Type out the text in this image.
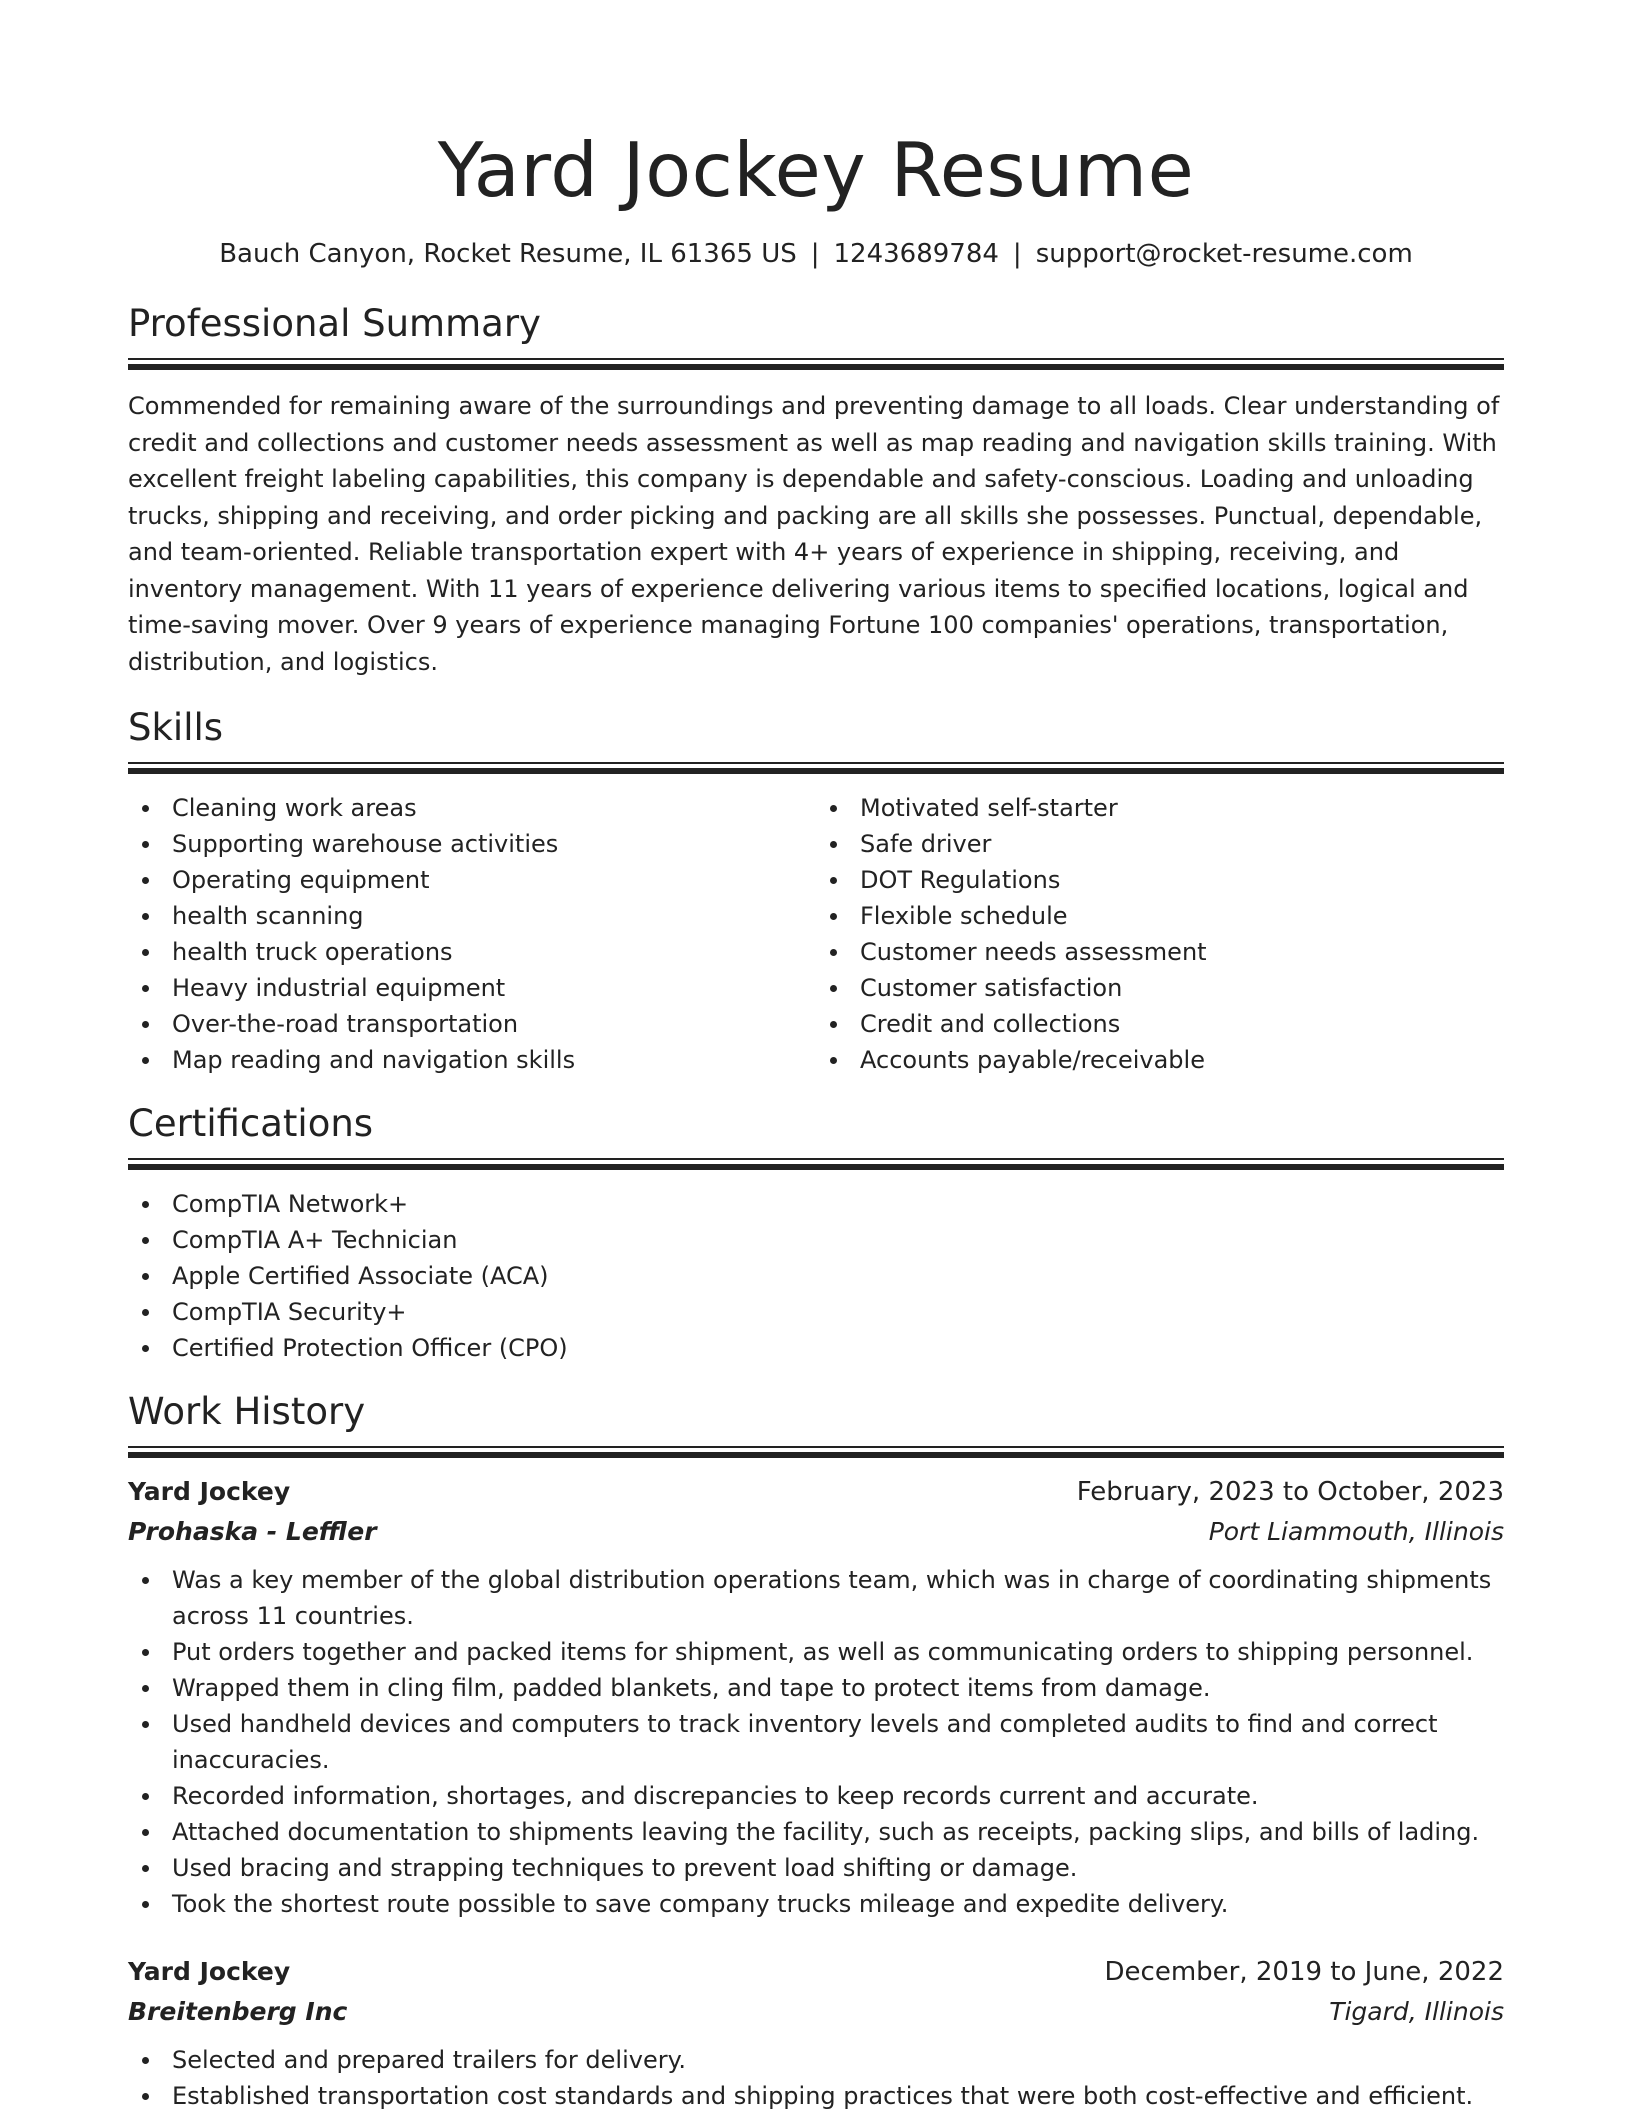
Yard Jockey Resume
Bauch Canyon, Rocket Resume, IL 61365 US | 1243689784 | support@rocket-resume.com
Professional Summary

Commended for remaining aware of the surroundings and preventing damage to all loads. Clear understanding of credit and collections and customer needs assessment as well as map reading and navigation skills training. With excellent freight labeling capabilities, this company is dependable and safety-conscious. Loading and unloading trucks, shipping and receiving, and order picking and packing are all skills she possesses. Punctual, dependable, and team-oriented. Reliable transportation expert with 4+ years of experience in shipping, receiving, and inventory management. With 11 years of experience delivering various items to specified locations, logical and time-saving mover. Over 9 years of experience managing Fortune 100 companies' operations, transportation, distribution, and logistics.

Skills
Cleaning work areas
Supporting warehouse activities
Operating equipment
health scanning
health truck operations
Heavy industrial equipment
Over-the-road transportation
Map reading and navigation skills
Motivated self-starter
Safe driver
DOT Regulations
Flexible schedule
Customer needs assessment
Customer satisfaction
Credit and collections
Accounts payable/receivable
Certifications
CompTIA Network+
CompTIA A+ Technician
Apple Certified Associate (ACA)
CompTIA Security+
Certified Protection Officer (CPO)
Work History
Yard Jockey	February, 2023 to October, 2023
Prohaska - Leffler	Port Liammouth, Illinois
Was a key member of the global distribution operations team, which was in charge of coordinating shipments across 11 countries.
Put orders together and packed items for shipment, as well as communicating orders to shipping personnel.
Wrapped them in cling film, padded blankets, and tape to protect items from damage.
Used handheld devices and computers to track inventory levels and completed audits to find and correct inaccuracies.
Recorded information, shortages, and discrepancies to keep records current and accurate.
Attached documentation to shipments leaving the facility, such as receipts, packing slips, and bills of lading.
Used bracing and strapping techniques to prevent load shifting or damage.
Took the shortest route possible to save company trucks mileage and expedite delivery.
Yard Jockey	December, 2019 to June, 2022
Breitenberg Inc	Tigard, Illinois
Selected and prepared trailers for delivery.
Established transportation cost standards and shipping practices that were both cost-effective and efficient.
